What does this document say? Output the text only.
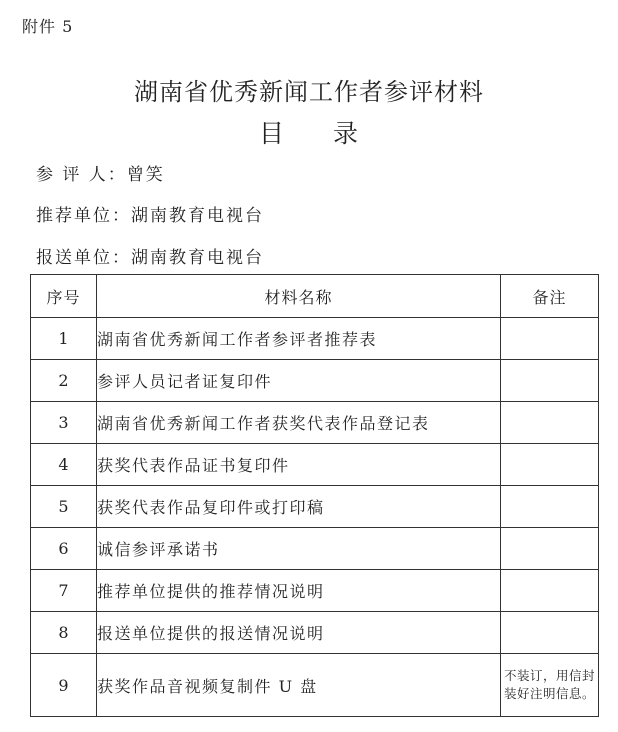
附件 5
湖南省优秀新闻工作者参评材料
目 录
参 评 人：曾笑
推荐单位：湖南教育电视台
报送单位：湖南教育电视台
序号	材料名称	备注
1	湖南省优秀新闻工作者参评者推荐表	
2	参评人员记者证复印件	
3	湖南省优秀新闻工作者获奖代表作品登记表	
4	获奖代表作品证书复印件	
5	获奖代表作品复印件或打印稿	
6	诚信参评承诺书	
7	推荐单位提供的推荐情况说明	
8	报送单位提供的报送情况说明	
9	获奖作品音视频复制件 U 盘	不装订，用信封装好注明信息。
